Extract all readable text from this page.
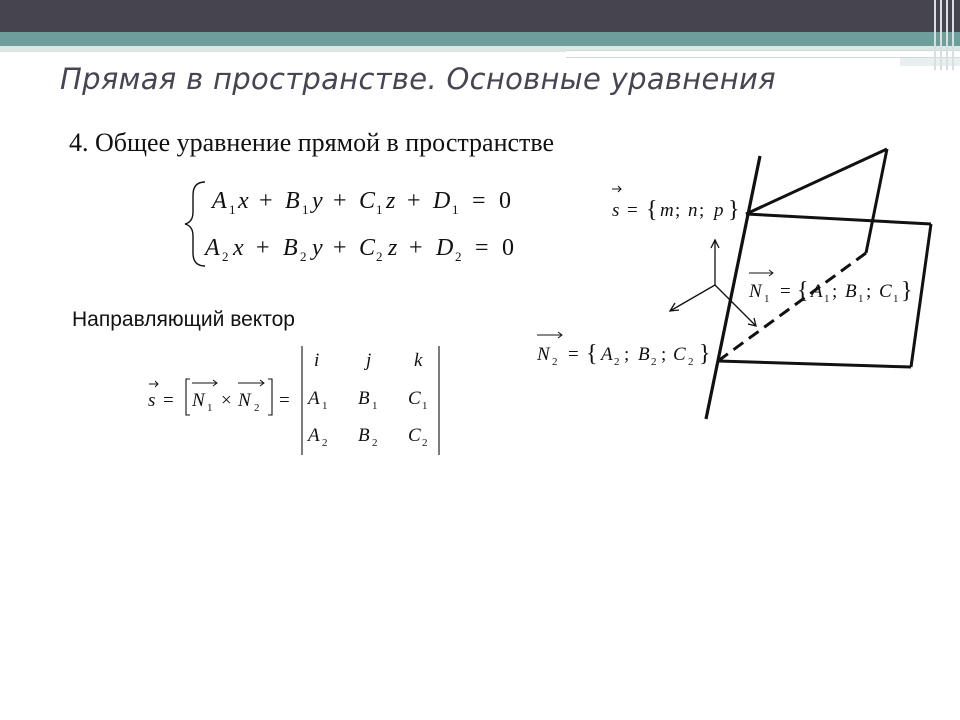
Прямая в пространстве. Основные уравнения
4. Общее уравнение прямой в пространстве
Направляющий вектор
A 1 x + B 1 y + C 1 z + D 1 = 0
A 2 x + B 2 y + C 2 z + D 2 = 0
s = N 1 × N 2 =
i j k
A 1 B 1 C 1
A 2 B 2 C 2
s = { m ; n ; p }
N 1 = { A 1 ; B 1 ; C 1 }
N 2 = { A 2 ; B 2 ; C 2 }
